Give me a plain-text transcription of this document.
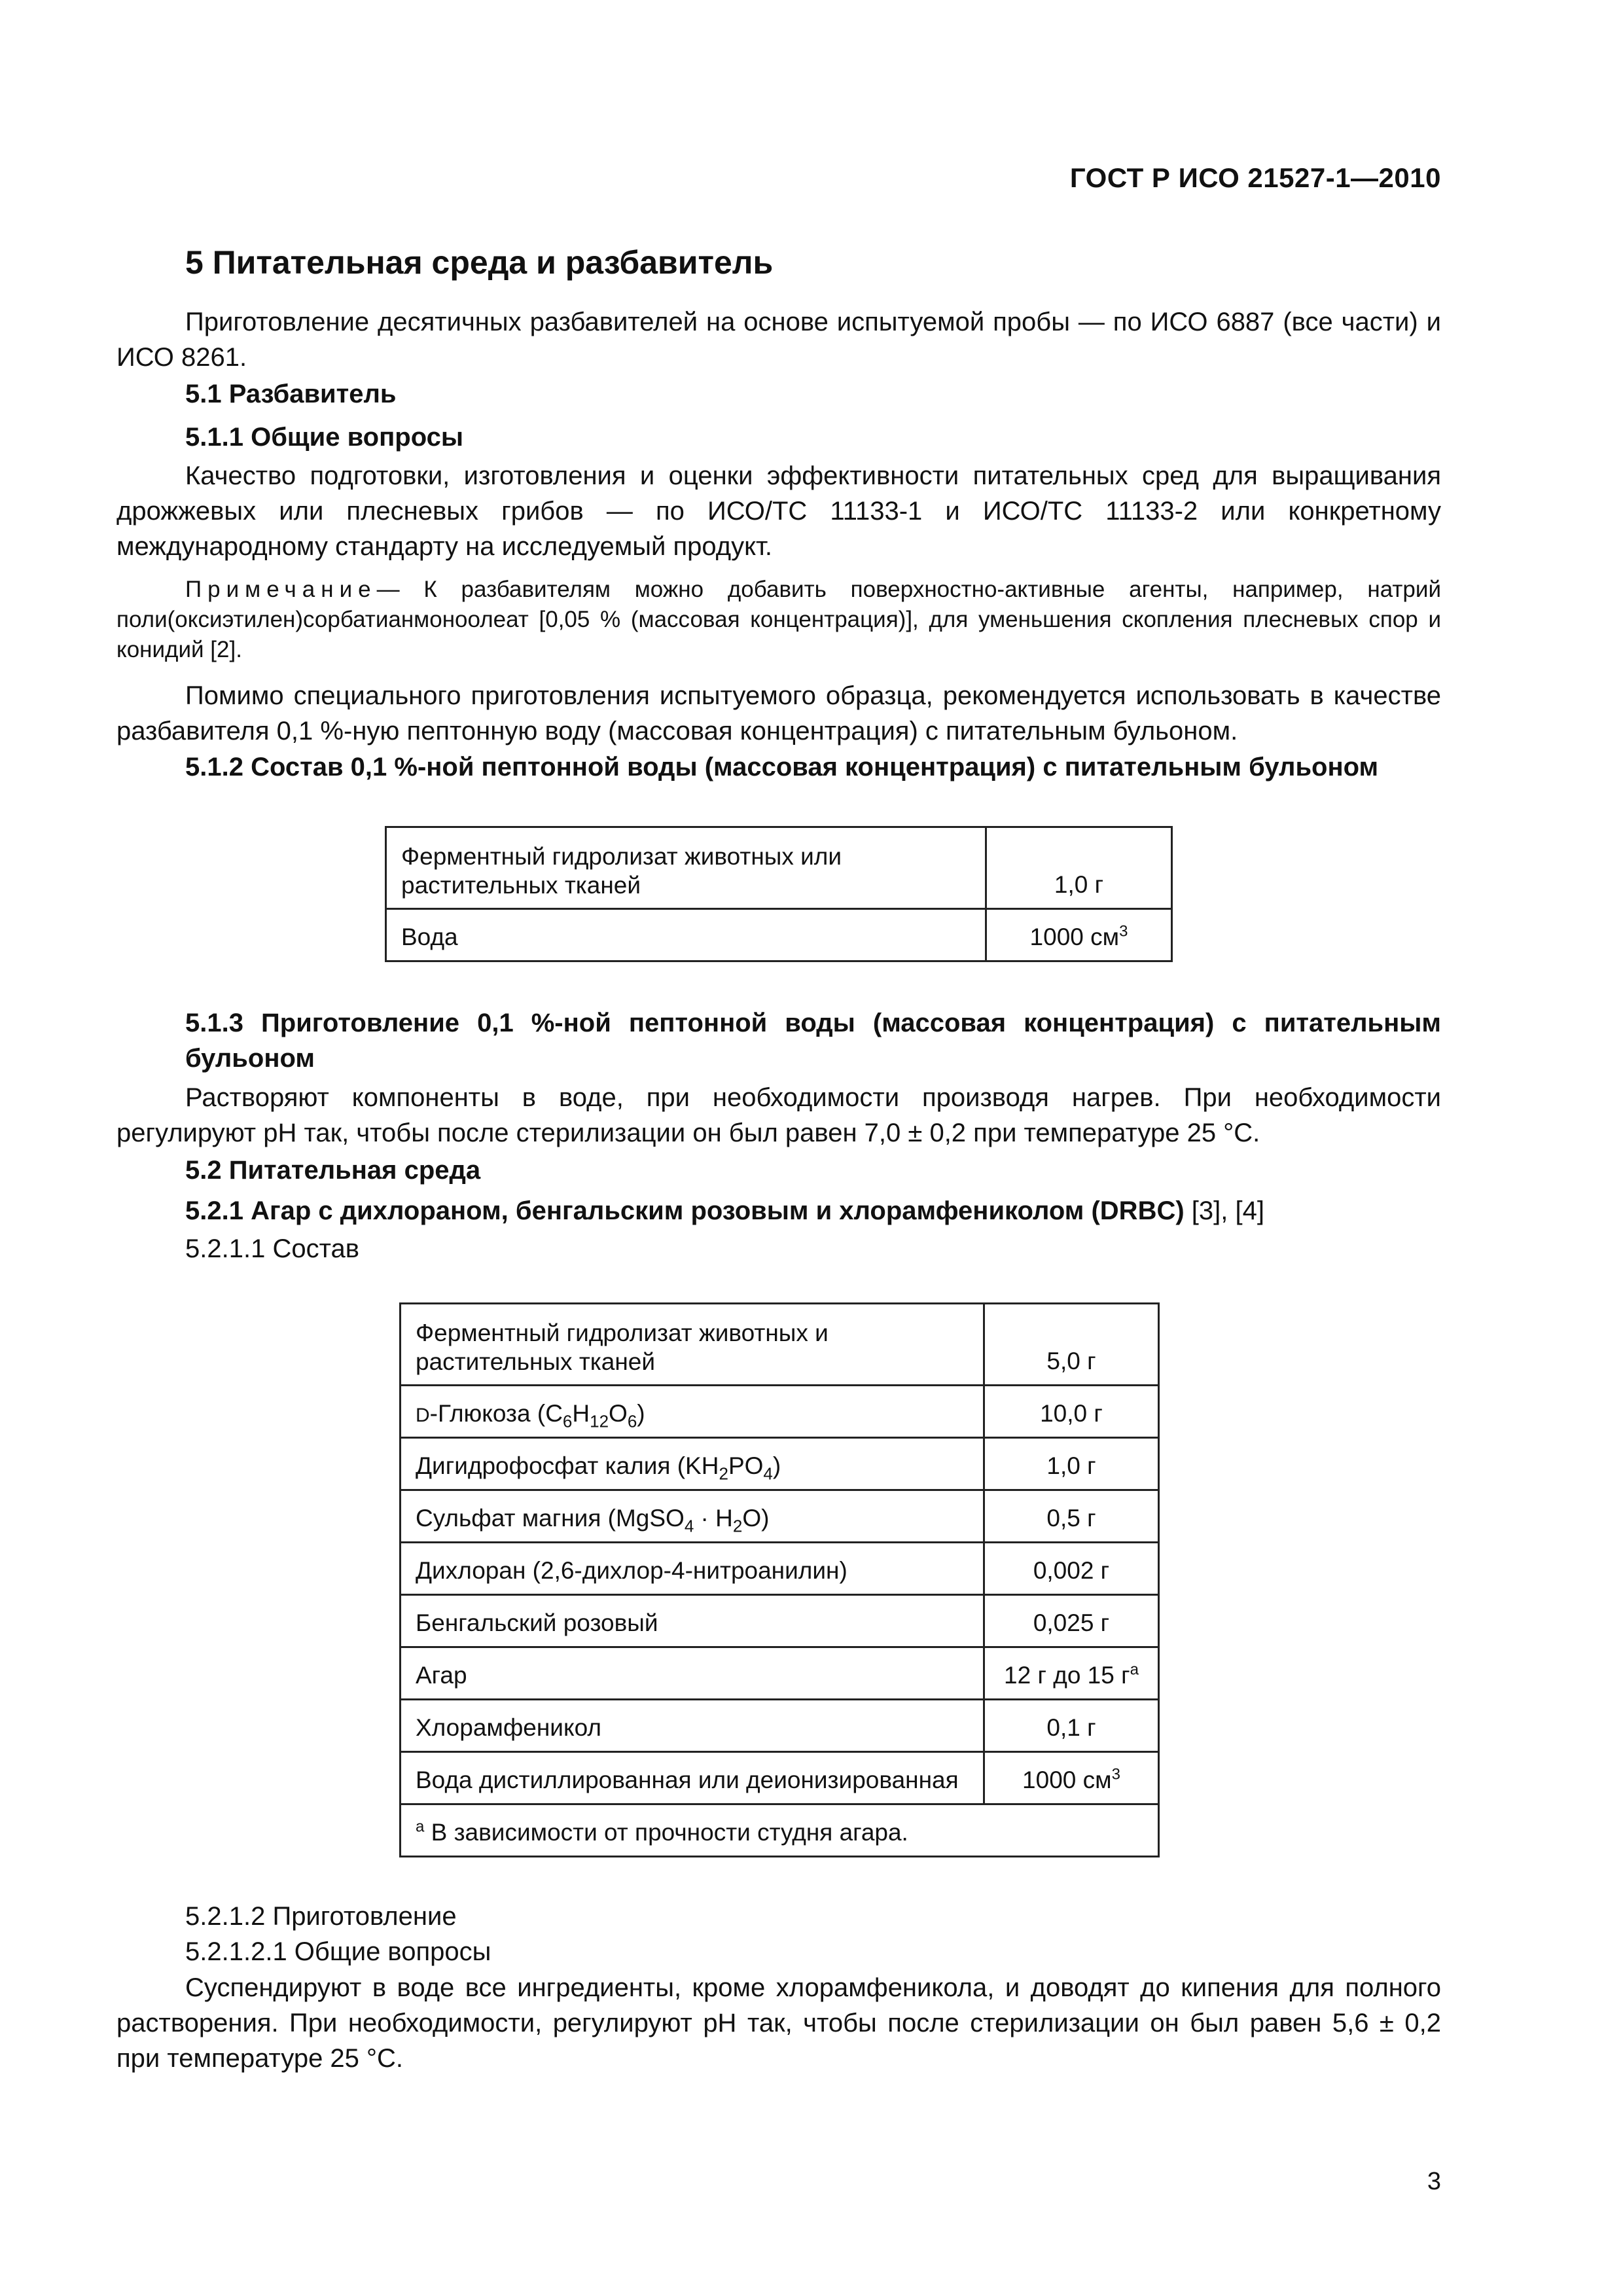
ГОСТ Р ИСО 21527-1—2010
5 Питательная среда и разбавитель
Приготовление десятичных разбавителей на основе испытуемой пробы — по ИСО 6887 (все части) и ИСО 8261.
5.1 Разбавитель
5.1.1 Общие вопросы
Качество подготовки, изготовления и оценки эффективности питательных сред для выращивания дрожжевых или плесневых грибов — по ИСО/ТС 11133-1 и ИСО/ТС 11133-2 или конкретному международному стандарту на исследуемый продукт.
Примечание— К разбавителям можно добавить поверхностно-активные агенты, например, натрий поли(оксиэтилен)сорбатианмоноолеат [0,05 % (массовая концентрация)], для уменьшения скопления плесневых спор и конидий [2].
Помимо специального приготовления испытуемого образца, рекомендуется использовать в качестве разбавителя 0,1 %-ную пептонную воду (массовая концентрация) с питательным бульоном.
5.1.2 Состав 0,1 %-ной пептонной воды (массовая концентрация) с питательным бульоном
Ферментный гидролизат животных или растительных тканей	1,0 г
Вода	1000 $см^3$
5.1.3 Приготовление 0,1 %-ной пептонной воды (массовая концентрация) с питательным бульоном
Растворяют компоненты в воде, при необходимости производя нагрев. При необходимости регулируют pH так, чтобы после стерилизации он был равен 7,0 ± 0,2 при температуре 25 °С.
5.2 Питательная среда
5.2.1 Агар с дихлораном, бенгальским розовым и хлорамфениколом (DRBC) [3], [4]
5.2.1.1 Состав
Ферментный гидролизат животных и растительных тканей	5,0 г
D-Глюкоза $(C_6H_{12}O_6)$	10,0 г
Дигидрофосфат калия $(KH_2PO_4)$	1,0 г
Сульфат магния (MgSO$_4$ · $H_2O$)	0,5 г
Дихлоран (2,6-дихлор-4-нитроанилин)	0,002 г
Бенгальский розовый	0,025 г
Агар	12 г до 15 $г^a$
Хлорамфеникол	0,1 г
Вода дистиллированная или деионизированная	1000 $см^3$
$^a$ В зависимости от прочности студня агара.	
5.2.1.2 Приготовление
5.2.1.2.1 Общие вопросы
Суспендируют в воде все ингредиенты, кроме хлорамфеникола, и доводят до кипения для полного растворения. При необходимости, регулируют pH так, чтобы после стерилизации он был равен 5,6 ± 0,2 при температуре 25 °С.
3
